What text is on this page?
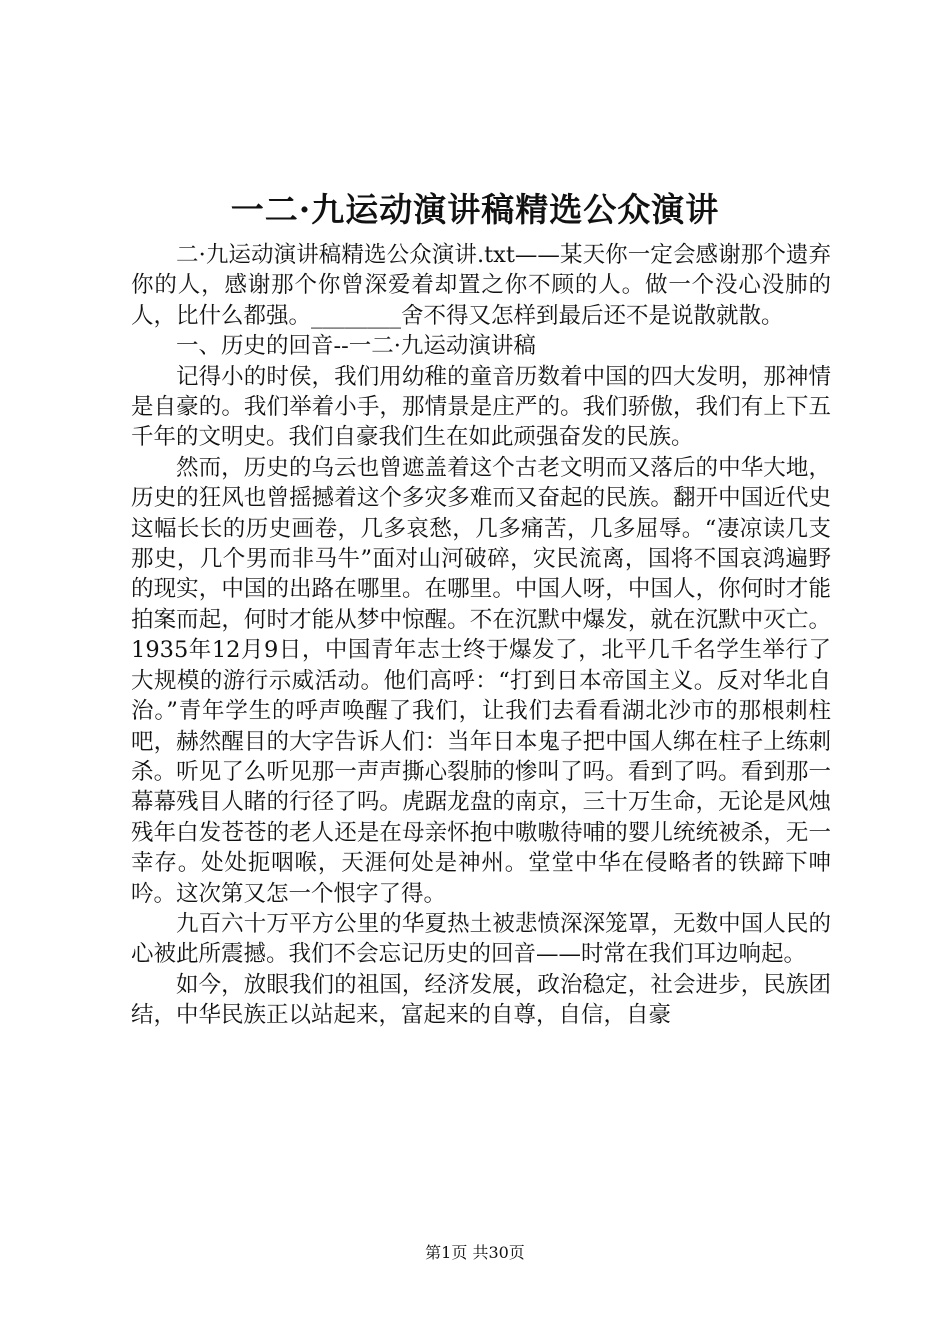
一二·九运动演讲稿精选公众演讲

二·九运动演讲稿精选公众演讲.txt——某天你一定会感谢那个遗弃你的人，感谢那个你曾深爱着却置之你不顾的人。做一个没心没肺的人，比什么都强。________舍不得又怎样到最后还不是说散就散。

一、历史的回音--一二·九运动演讲稿

记得小的时侯，我们用幼稚的童音历数着中国的四大发明，那神情是自豪的。我们举着小手，那情景是庄严的。我们骄傲，我们有上下五千年的文明史。我们自豪我们生在如此顽强奋发的民族。

然而，历史的乌云也曾遮盖着这个古老文明而又落后的中华大地，历史的狂风也曾摇撼着这个多灾多难而又奋起的民族。翻开中国近代史这幅长长的历史画卷，几多哀愁，几多痛苦，几多屈辱。“凄凉读几支那史，几个男而非马牛”面对山河破碎，灾民流离，国将不国哀鸿遍野的现实，中国的出路在哪里。在哪里。中国人呀，中国人，你何时才能拍案而起，何时才能从梦中惊醒。不在沉默中爆发，就在沉默中灭亡。1935年12月9日，中国青年志士终于爆发了，北平几千名学生举行了大规模的游行示威活动。他们高呼：“打到日本帝国主义。反对华北自治。”青年学生的呼声唤醒了我们，让我们去看看湖北沙市的那根刺柱吧，赫然醒目的大字告诉人们：当年日本鬼子把中国人绑在柱子上练刺杀。听见了么听见那一声声撕心裂肺的惨叫了吗。看到了吗。看到那一幕幕残目人睹的行径了吗。虎踞龙盘的南京，三十万生命，无论是风烛残年白发苍苍的老人还是在母亲怀抱中嗷嗷待哺的婴儿统统被杀，无一幸存。处处扼咽喉，天涯何处是神州。堂堂中华在侵略者的铁蹄下呻吟。这次第又怎一个恨字了得。

九百六十万平方公里的华夏热土被悲愤深深笼罩，无数中国人民的心被此所震撼。我们不会忘记历史的回音——时常在我们耳边响起。

如今，放眼我们的祖国，经济发展，政治稳定，社会进步，民族团结，中华民族正以站起来，富起来的自尊，自信，自豪

第1页 共30页
